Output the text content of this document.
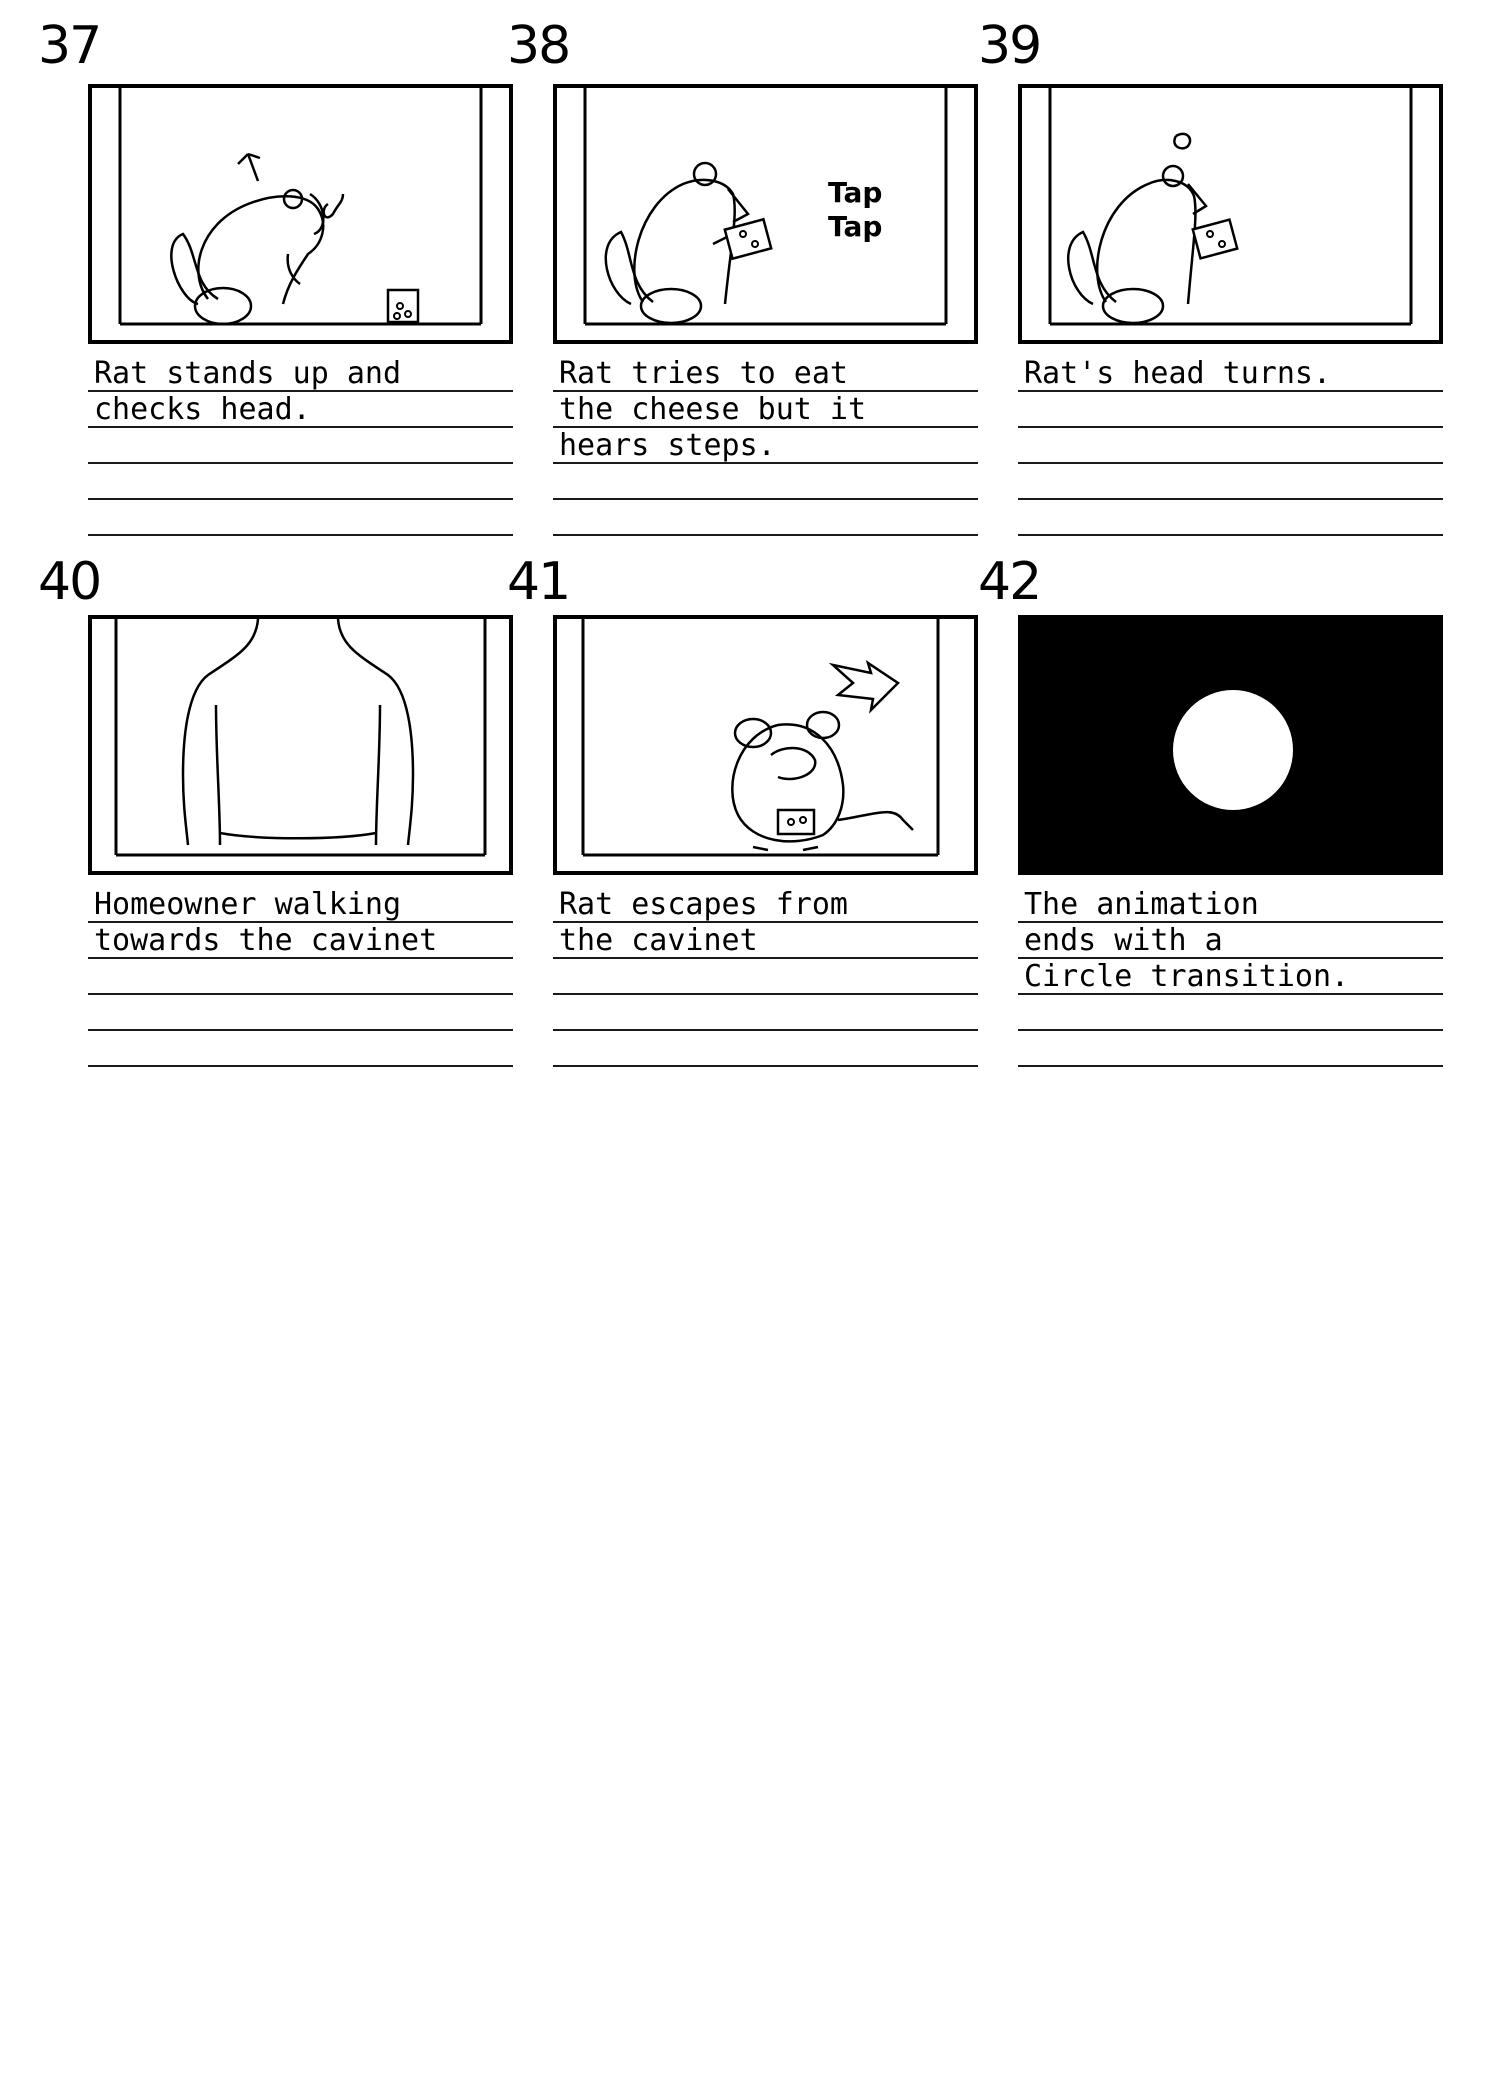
37
Rat stands up and
checks head.
38
Tap
Tap
Rat tries to eat
the cheese but it
hears steps.
39
Rat's head turns.
40
Homeowner walking
towards the cavinet
41
Rat escapes from
the cavinet
42
The animation
ends with a
Circle transition.
